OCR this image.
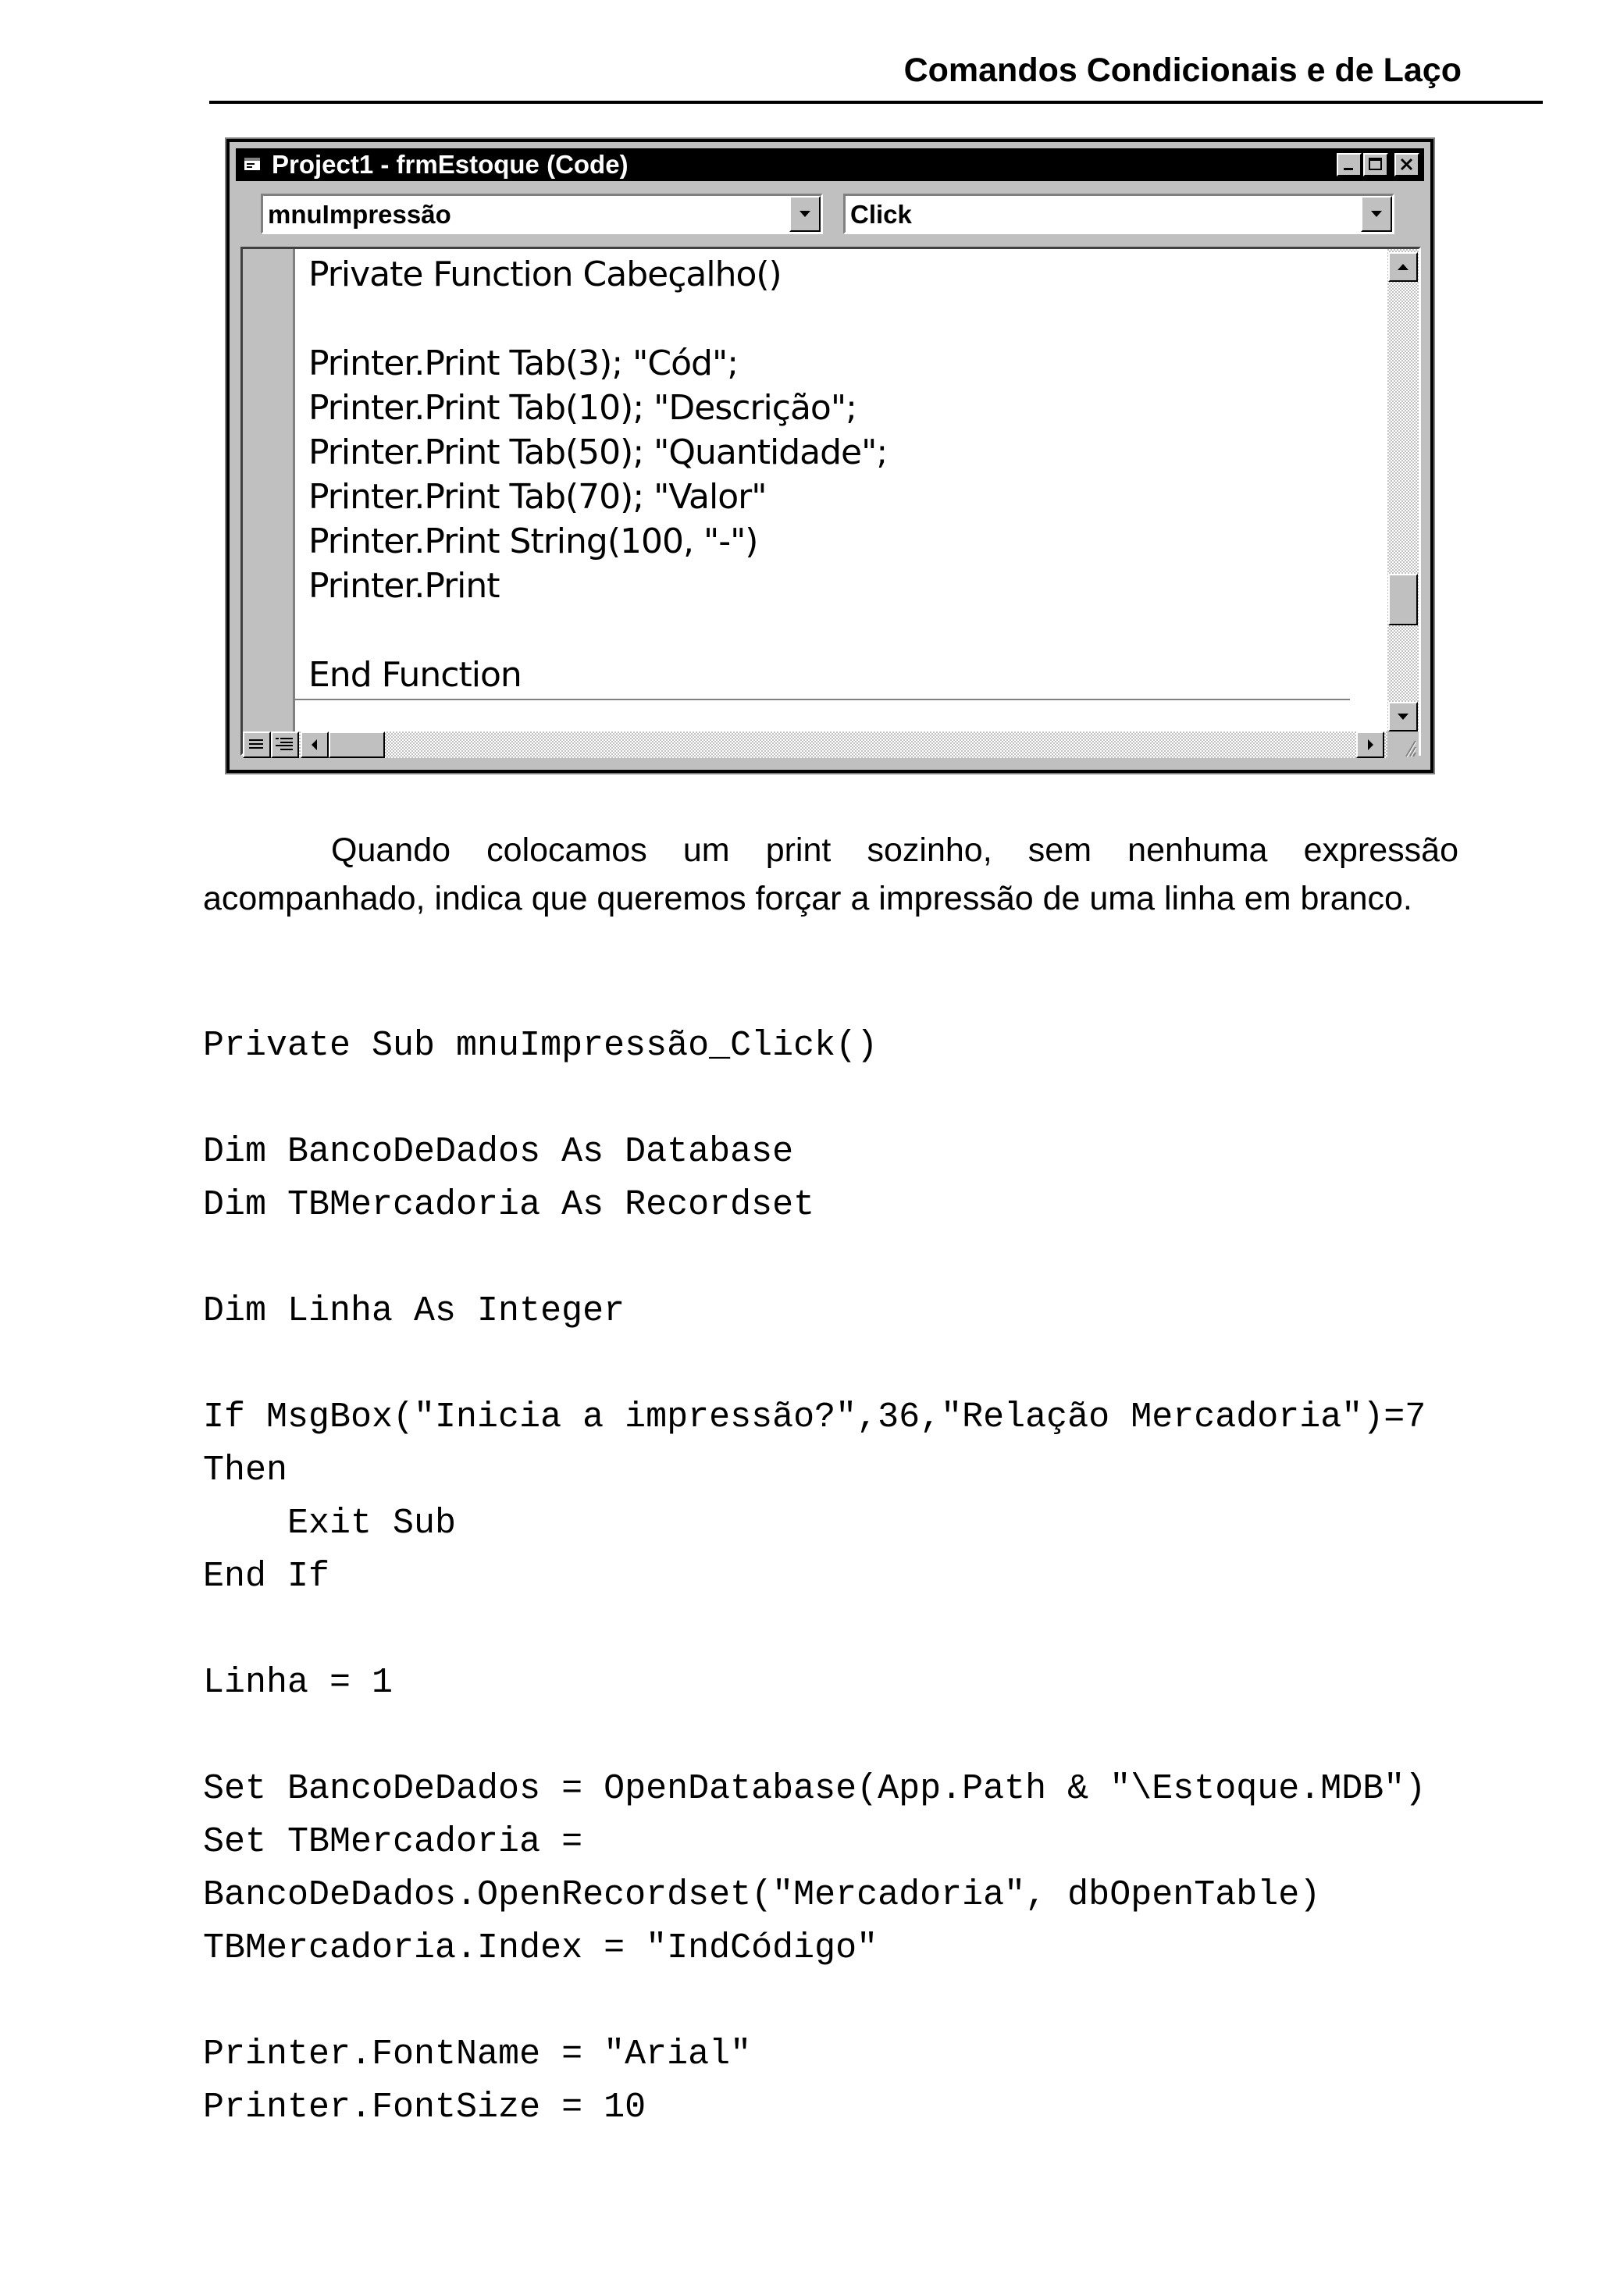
Comandos Condicionais e de Laço
Project1 - frmEstoque (Code)
mnuImpressão	Click
Private Function Cabeçalho()
Printer.Print Tab(3); "Cód";
Printer.Print Tab(10); "Descrição";
Printer.Print Tab(50); "Quantidade";
Printer.Print Tab(70); "Valor"
Printer.Print String(100, "-")
Printer.Print
End Function
Quando colocamos um print sozinho, sem nenhuma expressão acompanhado, indica que queremos forçar a impressão de uma linha em branco.
Private Sub mnuImpressão_Click()
Dim BancoDeDados As Database
Dim TBMercadoria As Recordset
Dim Linha As Integer
If MsgBox("Inicia a impressão?",36,"Relação Mercadoria")=7
Then
Exit Sub
End If
Linha = 1
Set BancoDeDados = OpenDatabase(App.Path & "\Estoque.MDB")
Set TBMercadoria =
BancoDeDados.OpenRecordset("Mercadoria", dbOpenTable)
TBMercadoria.Index = "IndCódigo"
Printer.FontName = "Arial"
Printer.FontSize = 10
